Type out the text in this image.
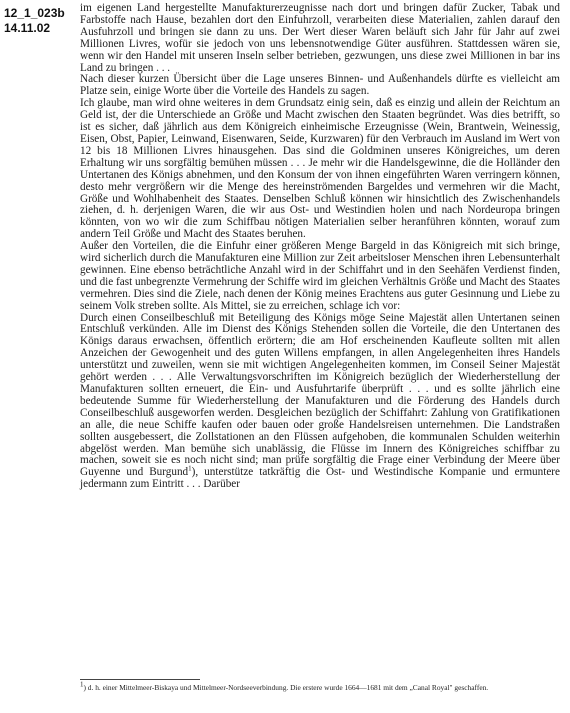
12_1_023b
14.11.02

im eigenen Land hergestellte Manufakturerzeugnisse nach dort und bringen dafür Zucker, Tabak und Farbstoffe nach Hause, bezahlen dort den Einfuhrzoll, verarbeiten diese Materialien, zahlen darauf den Ausfuhrzoll und bringen sie dann zu uns. Der Wert dieser Waren beläuft sich Jahr für Jahr auf zwei Millionen Livres, wofür sie jedoch von uns lebensnotwendige Güter ausführen. Stattdessen wären sie, wenn wir den Handel mit unseren Inseln selber betrieben, gezwungen, uns diese zwei Millionen in bar ins Land zu bringen . . .

Nach dieser kurzen Übersicht über die Lage unseres Binnen- und Außenhandels dürfte es vielleicht am Platze sein, einige Worte über die Vorteile des Handels zu sagen.

Ich glaube, man wird ohne weiteres in dem Grundsatz einig sein, daß es einzig und allein der Reichtum an Geld ist, der die Unterschiede an Größe und Macht zwischen den Staaten begründet. Was dies betrifft, so ist es sicher, daß jährlich aus dem Königreich einheimische Erzeugnisse (Wein, Brantwein, Weinessig, Eisen, Obst, Papier, Leinwand, Eisenwaren, Seide, Kurzwaren) für den Verbrauch im Ausland im Wert von 12 bis 18 Millionen Livres hinausgehen. Das sind die Goldminen unseres Königreiches, um deren Erhaltung wir uns sorgfältig bemühen müssen . . . Je mehr wir die Handelsgewinne, die die Holländer den Untertanen des Königs abnehmen, und den Konsum der von ihnen eingeführten Waren verringern können, desto mehr vergrößern wir die Menge des hereinströmenden Bargeldes und vermehren wir die Macht, Größe und Wohlhabenheit des Staates. Denselben Schluß können wir hinsichtlich des Zwischenhandels ziehen, d. h. derjenigen Waren, die wir aus Ost- und Westindien holen und nach Nordeuropa bringen könnten, von wo wir die zum Schiffbau nötigen Materialien selber heranführen könnten, worauf zum andern Teil Größe und Macht des Staates beruhen.

Außer den Vorteilen, die die Einfuhr einer größeren Menge Bargeld in das Königreich mit sich bringe, wird sicherlich durch die Manufakturen eine Million zur Zeit arbeitsloser Menschen ihren Lebensunterhalt gewinnen. Eine ebenso beträchtliche Anzahl wird in der Schiffahrt und in den Seehäfen Verdienst finden, und die fast unbegrenzte Vermehrung der Schiffe wird im gleichen Verhältnis Größe und Macht des Staates vermehren. Dies sind die Ziele, nach denen der König meines Erachtens aus guter Gesinnung und Liebe zu seinem Volk streben sollte. Als Mittel, sie zu erreichen, schlage ich vor:

Durch einen Conseilbeschluß mit Beteiligung des Königs möge Seine Majestät allen Untertanen seinen Entschluß verkünden. Alle im Dienst des Königs Stehenden sollen die Vorteile, die den Untertanen des Königs daraus erwachsen, öffentlich erörtern; die am Hof erscheinenden Kaufleute sollten mit allen Anzeichen der Gewogenheit und des guten Willens empfangen, in allen Angelegenheiten ihres Handels unterstützt und zuweilen, wenn sie mit wichtigen Angelegenheiten kommen, im Conseil Seiner Majestät gehört werden . . . Alle Verwaltungsvorschriften im Königreich bezüglich der Wiederherstellung der Manufakturen sollten erneuert, die Ein- und Ausfuhrtarife überprüft . . . und es sollte jährlich eine bedeutende Summe für Wiederherstellung der Manufakturen und die Förderung des Handels durch Conseilbeschluß ausgeworfen werden. Desgleichen bezüglich der Schiffahrt: Zahlung von Gratifikationen an alle, die neue Schiffe kaufen oder bauen oder große Handelsreisen unternehmen. Die Landstraßen sollten ausgebessert, die Zollstationen an den Flüssen aufgehoben, die kommunalen Schulden weiterhin abgelöst werden. Man bemühe sich unablässig, die Flüsse im Innern des Königreiches schiffbar zu machen, soweit sie es noch nicht sind; man prüfe sorgfältig die Frage einer Verbindung der Meere über Guyenne und Burgund$^1$), unterstütze tatkräftig die Ost- und Westindische Kompanie und ermuntere jedermann zum Eintritt . . . Darüber

$^1$) d. h. einer Mittelmeer-Biskaya und Mittelmeer-Nordseeverbindung. Die erstere wurde 1664—1681 mit dem „Canal Royal" geschaffen.
